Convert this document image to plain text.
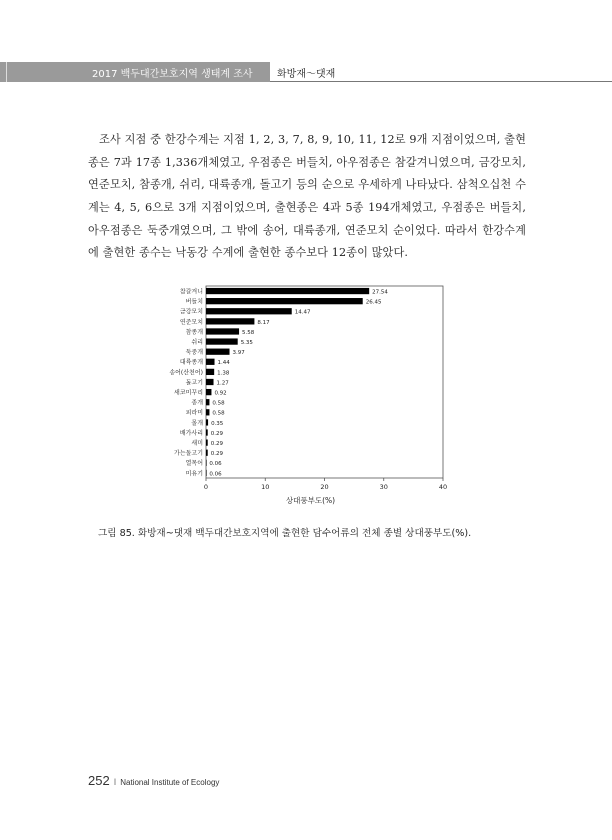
2017 백두대간보호지역 생태계 조사 화방재～댓재

조사 지점 중 한강수계는 지점 1, 2, 3, 7, 8, 9, 10, 11, 12로 9개 지점이었으며, 출현종은 7과 17종 1,336개체였고, 우점종은 버들치, 아우점종은 참갈겨니였으며, 금강모치, 연준모치, 참종개, 쉬리, 대륙종개, 돌고기 등의 순으로 우세하게 나타났다. 삼척오십천 수계는 4, 5, 6으로 3개 지점이었으며, 출현종은 4과 5종 194개체였고, 우점종은 버들치, 아우점종은 둑중개였으며, 그 밖에 송어, 대륙종개, 연준모치 순이었다. 따라서 한강수계에 출현한 종수는 낙동강 수계에 출현한 종수보다 12종이 많았다.

참갈겨니	27.54
버들치	26.45
금강모치	14.47
연준모치	8.17
참종개	5.58
쉬리	5.35
둑중개	3.97
대륙종개	1.44
송어(산천어)	1.38
돌고기 1.27
새코미꾸리 0.92
종개 0.58
피라미 0.58
몰개 0.35
배가사리 0.29
새미 0.29
가는돌고기 0.29
열목어 0.06
미유기 0.06
0	10	20	30	40
상대풍부도(%)
그림 85. 화방재~댓재 백두대간보호지역에 출현한 담수어류의 전체 종별 상대풍부도(%).
252 I National Institute of Ecology
